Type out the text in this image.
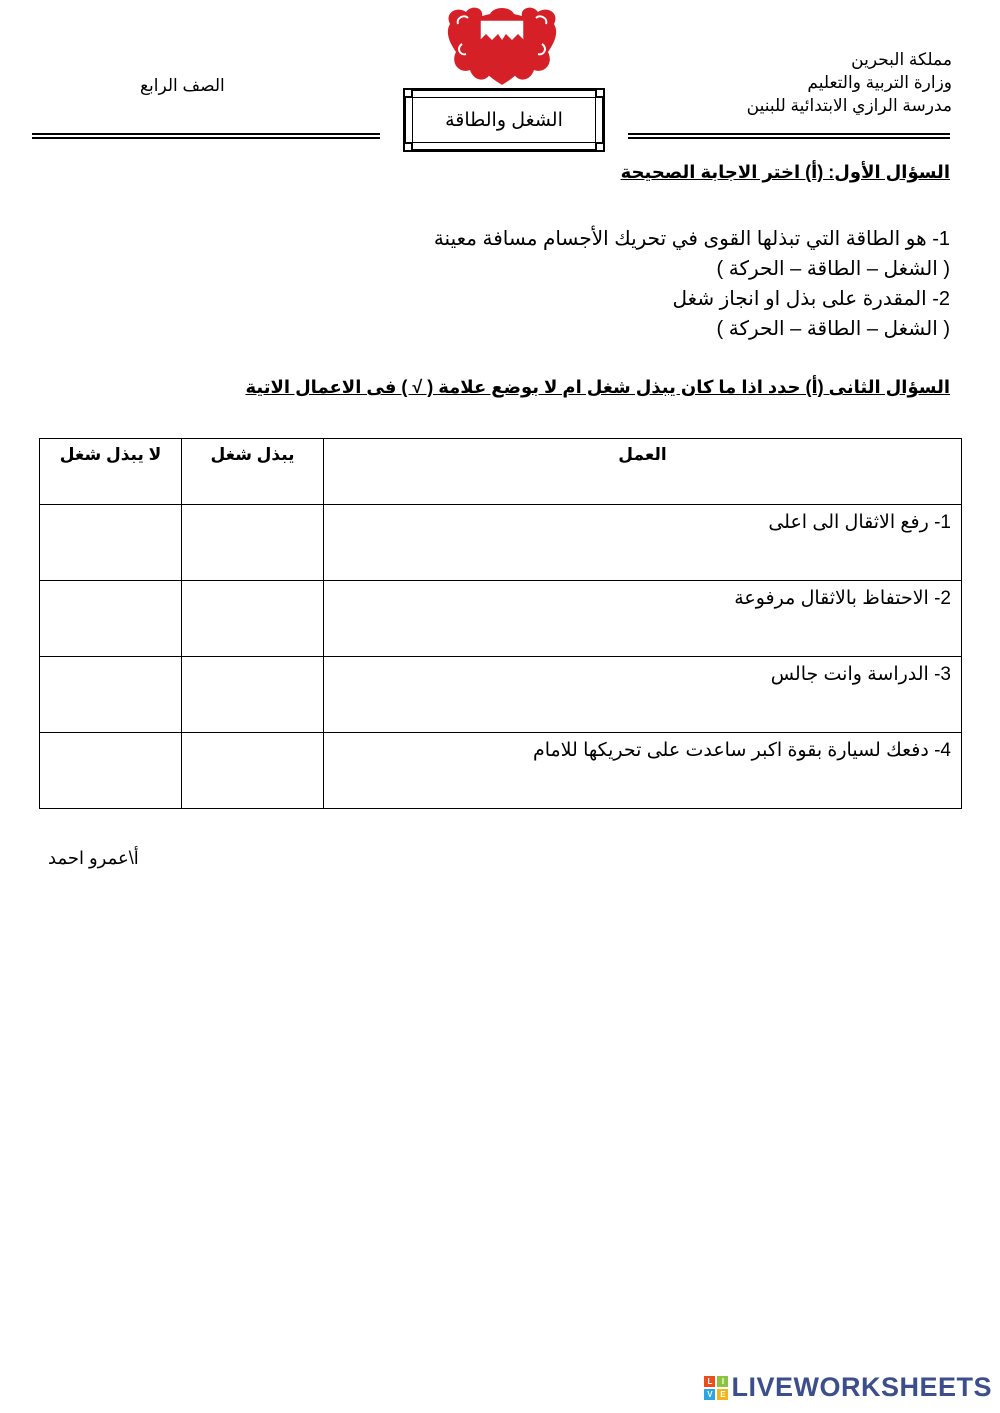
مملكة البحرين
وزارة التربية والتعليم
مدرسة الرازي الابتدائية للبنين
الصف الرابع
الشغل والطاقة
السؤال الأول: (أ) اختر الاجابة الصحيحة
1- هو الطاقة التي تبذلها القوى في تحريك الأجسام مسافة معينة
( الشغل – الطاقة – الحركة )
2- المقدرة على بذل او انجاز شغل
( الشغل – الطاقة – الحركة )
السؤال الثانى (أ) حدد اذا ما كان يبذل شغل ام لا بوضع علامة ( √ ) فى الاعمال الاتية
العمل	يبذل شغل	لا يبذل شغل
1- رفع الاثقال الى اعلى		
2- الاحتفاظ بالاثقال مرفوعة		
3- الدراسة وانت جالس		
4- دفعك لسيارة بقوة اكبر ساعدت على تحريكها للامام		
أ\عمرو احمد
L	I
V E LIVEWORKSHEETS
